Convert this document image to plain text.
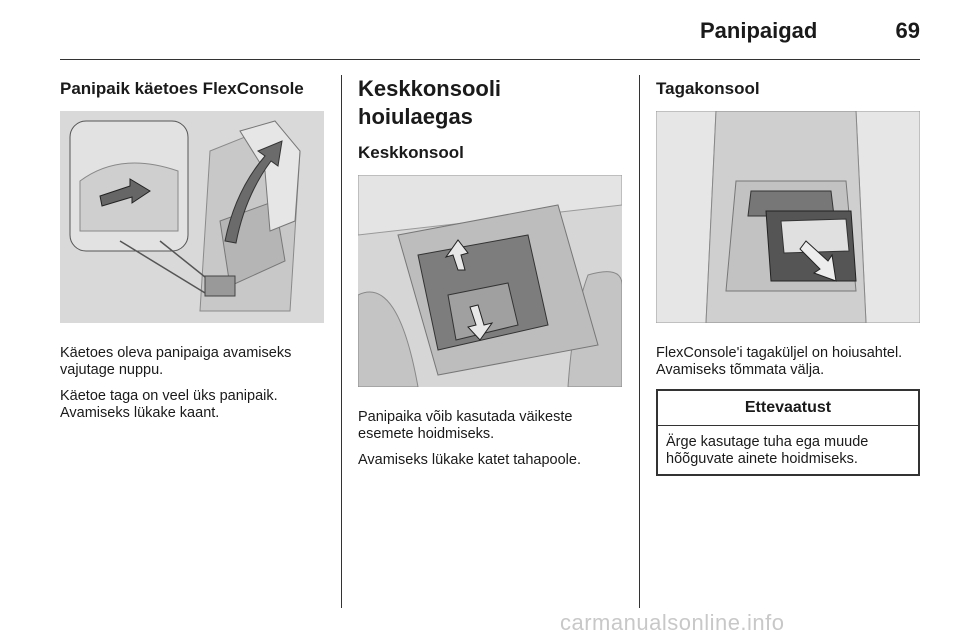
Panipaigad	69
Panipaik käetoes FlexConsole

Käetoes oleva panipaiga avamiseks vajutage nuppu.

Käetoe taga on veel üks panipaik. Avamiseks lükake kaant.

Keskkonsooli hoiulaegas
Keskkonsool

Panipaika võib kasutada väikeste esemete hoidmiseks.

Avamiseks lükake katet tahapoole.

Tagakonsool

FlexConsole'i tagaküljel on hoiusahtel. Avamiseks tõmmata välja.

Ettevaatust
Ärge kasutage tuha ega muude hõõguvate ainete hoidmiseks.
carmanualsonline.info
